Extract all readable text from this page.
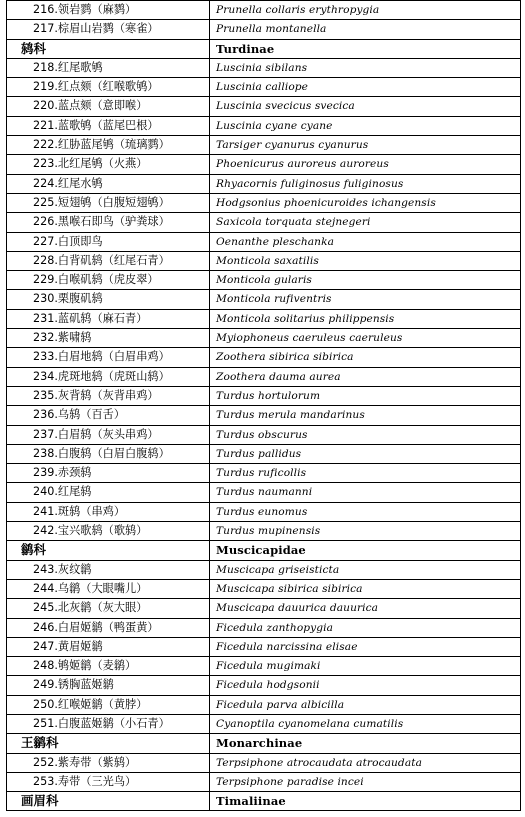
216.领岩鹨（麻鹨）	Prunella collaris erythropygia
217.棕眉山岩鹨（寒雀）	Prunella montanella
鸫科	Turdinae
218.红尾歌鸲	Luscinia sibilans
219.红点颏（红喉歌鸲）	Luscinia calliope
220.蓝点颏（意即喉）	Luscinia svecicus svecica
221.蓝歌鸲（蓝尾巴根）	Luscinia cyane cyane
222.红胁蓝尾鸲（琉璃鹨）	Tarsiger cyanurus cyanurus
223.北红尾鸲（火燕）	Phoenicurus auroreus auroreus
224.红尾水鸲	Rhyacornis fuliginosus fuliginosus
225.短翅鸲（白腹短翅鸲）	Hodgsonius phoenicuroides ichangensis
226.黑喉石即鸟（驴粪球）	Saxicola torquata stejnegeri
227.白顶即鸟	Oenanthe pleschanka
228.白背矶鸫（红尾石青）	Monticola saxatilis
229.白喉矶鸫（虎皮翠）	Monticola gularis
230.栗腹矶鸫	Monticola rufiventris
231.蓝矶鸫（麻石青）	Monticola solitarius philippensis
232.紫啸鸫	Myiophoneus caeruleus caeruleus
233.白眉地鸫（白眉串鸡）	Zoothera sibirica sibirica
234.虎斑地鸫（虎斑山鸫）	Zoothera dauma aurea
235.灰背鸫（灰背串鸡）	Turdus hortulorum
236.乌鸫（百舌）	Turdus merula mandarinus
237.白眉鸫（灰头串鸡）	Turdus obscurus
238.白腹鸫（白眉白腹鸫）	Turdus pallidus
239.赤颈鸫	Turdus ruficollis
240.红尾鸫	Turdus naumanni
241.斑鸫（串鸡）	Turdus eunomus
242.宝兴歌鸫（歌鸫）	Turdus mupinensis
鹟科	Muscicapidae
243.灰纹鹟	Muscicapa griseisticta
244.乌鹟（大眼嘴儿）	Muscicapa sibirica sibirica
245.北灰鹟（灰大眼）	Muscicapa dauurica dauurica
246.白眉姬鹟（鸭蛋黄）	Ficedula zanthopygia
247.黄眉姬鹟	Ficedula narcissina elisae
248.鸲姬鹟（麦鹟）	Ficedula mugimaki
249.锈胸蓝姬鹟	Ficedula hodgsonii
250.红喉姬鹟（黄脖）	Ficedula parva albicilla
251.白腹蓝姬鹟（小石青）	Cyanoptila cyanomelana cumatilis
王鹟科	Monarchinae
252.紫寿带（紫鸫）	Terpsiphone atrocaudata atrocaudata
253.寿带（三光鸟）	Terpsiphone paradise incei
画眉科	Timaliinae
